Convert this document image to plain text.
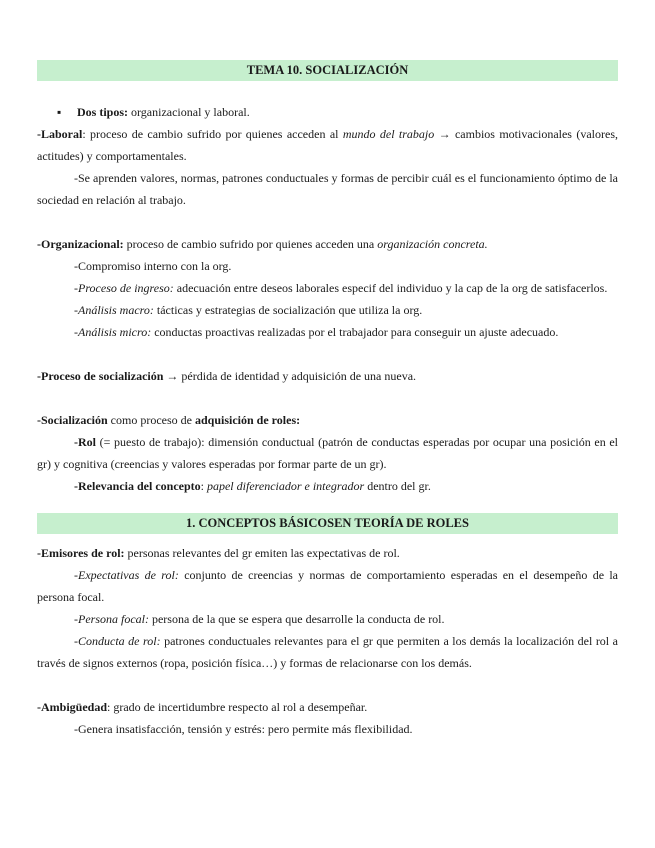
TEMA 10. SOCIALIZACIÓN

▪ Dos tipos: organizacional y laboral.

-Laboral: proceso de cambio sufrido por quienes acceden al mundo del trabajo → cambios motivacionales (valores, actitudes) y comportamentales.

-Se aprenden valores, normas, patrones conductuales y formas de percibir cuál es el funcionamiento óptimo de la sociedad en relación al trabajo.

-Organizacional: proceso de cambio sufrido por quienes acceden una organización concreta.

-Compromiso interno con la org.

-Proceso de ingreso: adecuación entre deseos laborales especif del individuo y la cap de la org de satisfacerlos.

-Análisis macro: tácticas y estrategias de socialización que utiliza la org.

-Análisis micro: conductas proactivas realizadas por el trabajador para conseguir un ajuste adecuado.

-Proceso de socialización → pérdida de identidad y adquisición de una nueva.

-Socialización como proceso de adquisición de roles:

-Rol (= puesto de trabajo): dimensión conductual (patrón de conductas esperadas por ocupar una posición en el gr) y cognitiva (creencias y valores esperadas por formar parte de un gr).

-Relevancia del concepto: papel diferenciador e integrador dentro del gr.

1. CONCEPTOS BÁSICOSEN TEORÍA DE ROLES

-Emisores de rol: personas relevantes del gr emiten las expectativas de rol.

-Expectativas de rol: conjunto de creencias y normas de comportamiento esperadas en el desempeño de la persona focal.

-Persona focal: persona de la que se espera que desarrolle la conducta de rol.

-Conducta de rol: patrones conductuales relevantes para el gr que permiten a los demás la localización del rol a través de signos externos (ropa, posición física…) y formas de relacionarse con los demás.

-Ambigüedad: grado de incertidumbre respecto al rol a desempeñar.

-Genera insatisfacción, tensión y estrés: pero permite más flexibilidad.
